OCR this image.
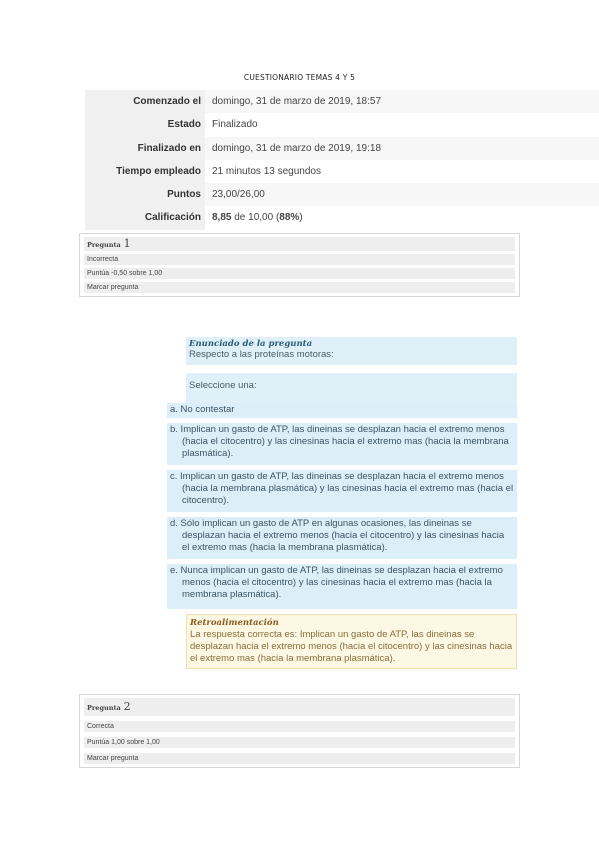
CUESTIONARIO TEMAS 4 Y 5
Comenzado el	domingo, 31 de marzo de 2019, 18:57
Estado	Finalizado
Finalizado en	domingo, 31 de marzo de 2019, 19:18
Tiempo empleado	21 minutos 13 segundos
Puntos	23,00/26,00
Calificación	8,85 de 10,00 (88%)
Pregunta 1
Incorrecta
Puntúa -0,50 sobre 1,00
Marcar pregunta
Enunciado de la pregunta
Respecto a las proteínas motoras:
Seleccione una:
a. No contestar
b. Implican un gasto de ATP, las dineinas se desplazan hacia el extremo menos (hacia el citocentro) y las cinesinas hacia el extremo mas (hacia la membrana plasmática).
c. Implican un gasto de ATP, las dineinas se desplazan hacia el extremo menos (hacia la membrana plasmática) y las cinesinas hacia el extremo mas (hacia el citocentro).
d. Sólo implican un gasto de ATP en algunas ocasiones, las dineinas se desplazan hacia el extremo menos (hacia el citocentro) y las cinesinas hacia el extremo mas (hacia la membrana plasmática).
e. Nunca implican un gasto de ATP, las dineinas se desplazan hacia el extremo menos (hacia el citocentro) y las cinesinas hacia el extremo mas (hacia la membrana plasmática).
Retroalimentación
La respuesta correcta es: Implican un gasto de ATP, las dineinas se desplazan hacia el extremo menos (hacia el citocentro) y las cinesinas hacia el extremo mas (hacia la membrana plasmática).
Pregunta 2
Correcta
Puntúa 1,00 sobre 1,00
Marcar pregunta
